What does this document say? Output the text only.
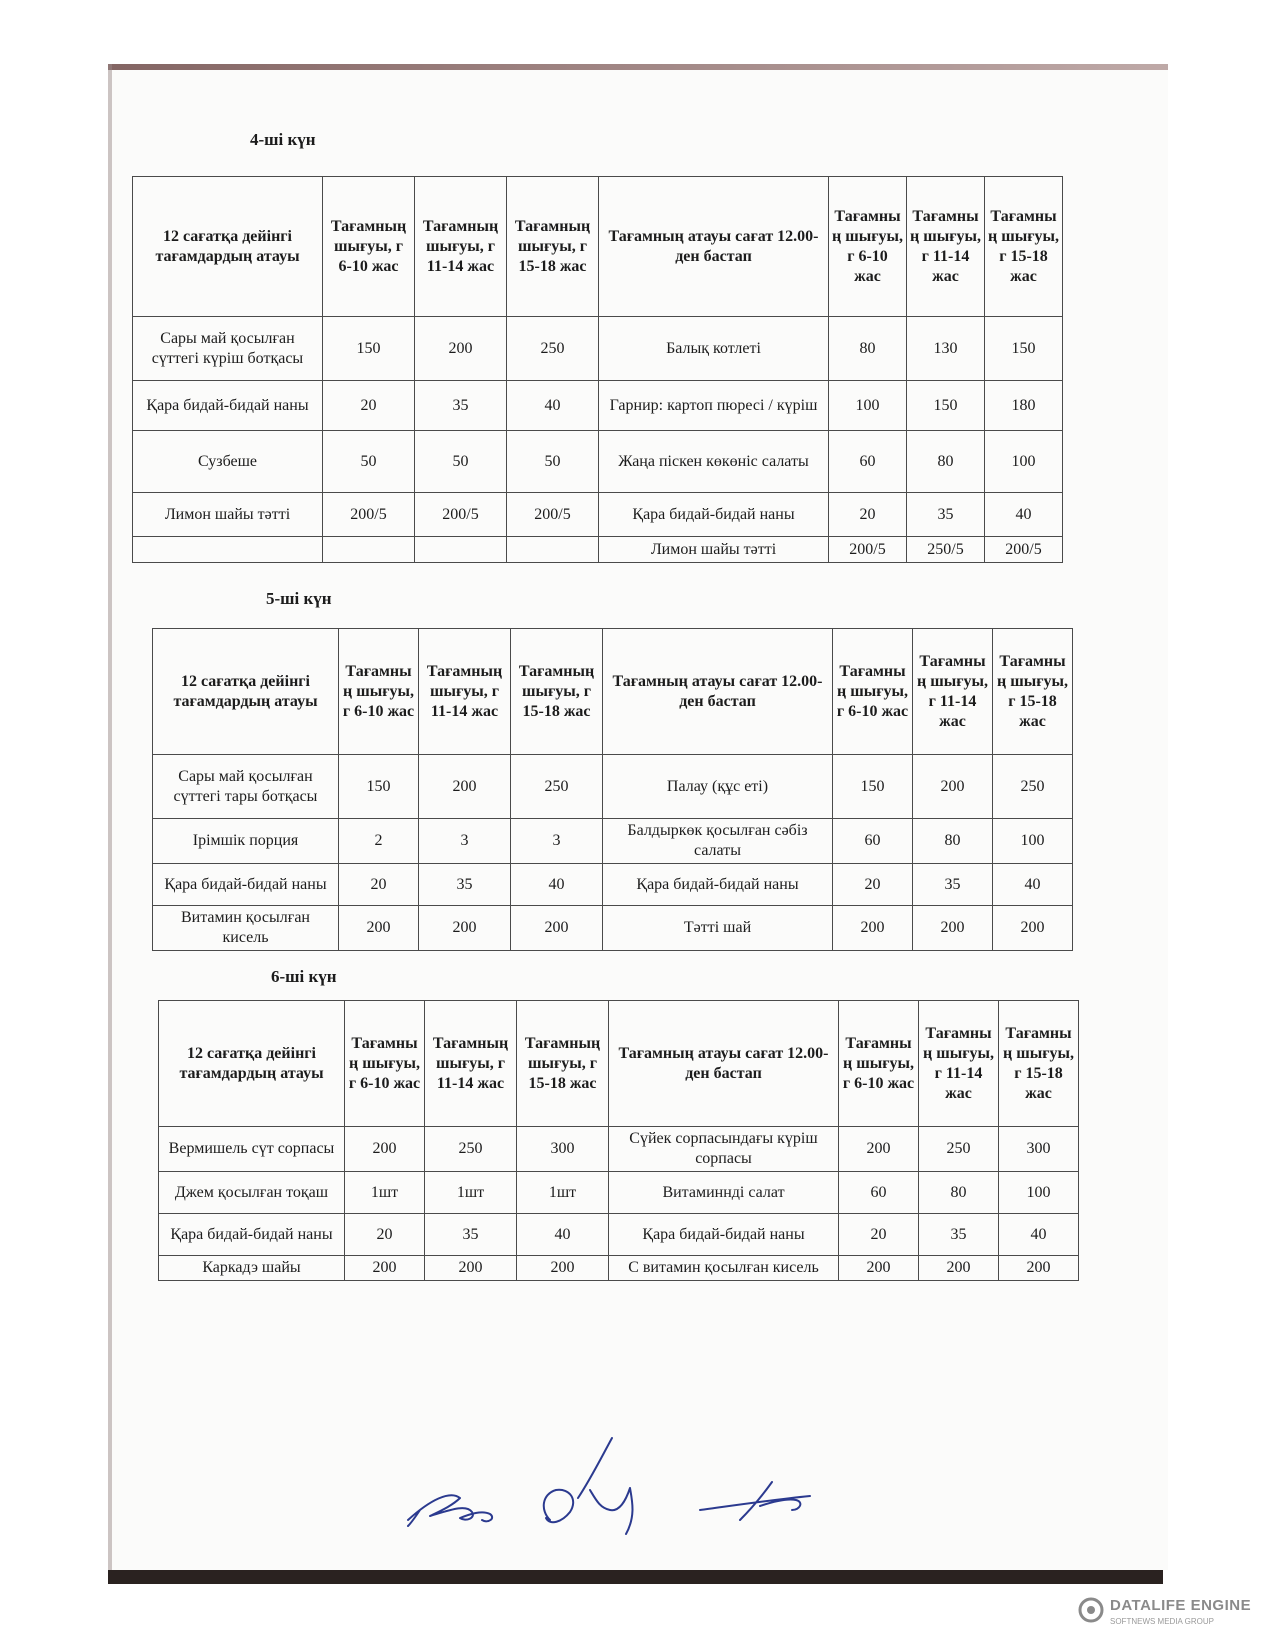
4-ші күн
12 сағатқа дейінгі тағамдардың атауы	Тағамның шығуы, г 6-10 жас	Тағамның шығуы, г 11-14 жас	Тағамның шығуы, г 15-18 жас	Тағамның атауы сағат 12.00-ден бастап	Тағамның шығуы, г 6-10 жас	Тағамның шығуы, г 11-14 жас	Тағамның шығуы, г 15-18 жас
Сары май қосылған сүттегі күріш ботқасы	150	200	250	Балық котлеті	80	130	150
Қара бидай-бидай наны	20	35	40	Гарнир: картоп пюресі / күріш	100	150	180
Сузбеше	50	50	50	Жаңа піскен көкөніс салаты	60	80	100
Лимон шайы тәтті	200/5	200/5	200/5	Қара бидай-бидай наны	20	35	40
				Лимон шайы тәтті	200/5	250/5	200/5
5-ші күн
12 сағатқа дейінгі тағамдардың атауы	Тағамның шығуы, г 6-10 жас	Тағамның шығуы, г 11-14 жас	Тағамның шығуы, г 15-18 жас	Тағамның атауы сағат 12.00-ден бастап	Тағамның шығуы, г 6-10 жас	Тағамның шығуы, г 11-14 жас	Тағамның шығуы, г 15-18 жас
Сары май қосылған сүттегі тары ботқасы	150	200	250	Палау (құс еті)	150	200	250
Ірімшік порция	2	3	3	Балдыркөк қосылған сәбіз салаты	60	80	100
Қара бидай-бидай наны	20	35	40	Қара бидай-бидай наны	20	35	40
Витамин қосылған кисель	200	200	200	Тәтті шай	200	200	200
6-ші күн
12 сағатқа дейінгі тағамдардың атауы	Тағамның шығуы, г 6-10 жас	Тағамның шығуы, г 11-14 жас	Тағамның шығуы, г 15-18 жас	Тағамның атауы сағат 12.00-ден бастап	Тағамның шығуы, г 6-10 жас	Тағамның шығуы, г 11-14 жас	Тағамның шығуы, г 15-18 жас
Вермишель сүт сорпасы	200	250	300	Сүйек сорпасындағы күріш сорпасы	200	250	300
Джем қосылған тоқаш	1шт	1шт	1шт	Витаминнді салат	60	80	100
Қара бидай-бидай наны	20	35	40	Қара бидай-бидай наны	20	35	40
Каркадэ шайы	200	200	200	С витамин қосылған кисель	200	200	200
DATALIFE ENGINE
SOFTNEWS MEDIA GROUP
